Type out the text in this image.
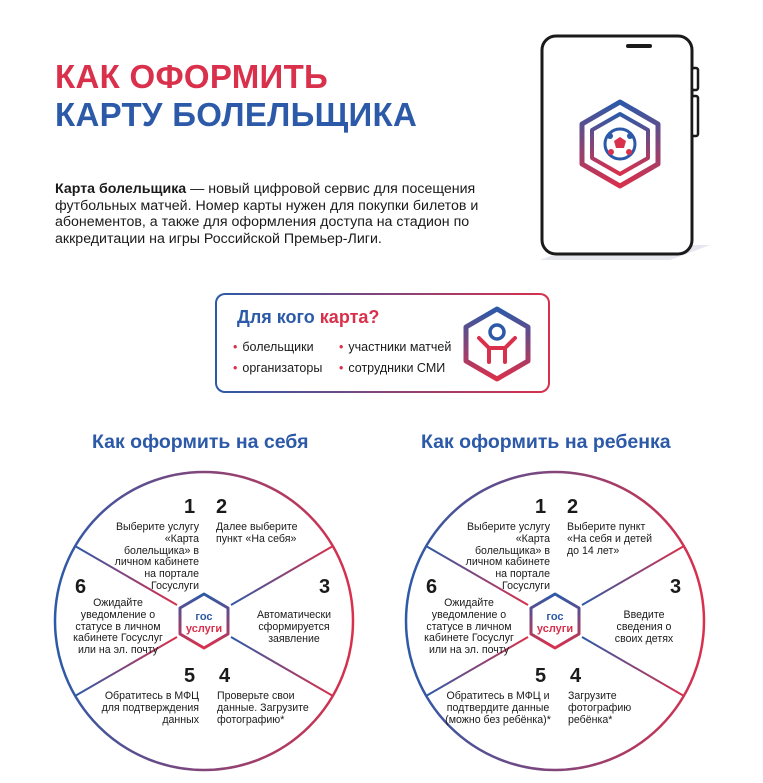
КАК ОФОРМИТЬ
КАРТУ БОЛЕЛЬЩИКА
Карта болельщика — новый цифровой сервис для посещения футбольных матчей. Номер карты нужен для покупки билетов и абонементов, а также для оформления доступа на стадион по аккредитации на игры Российской Премьер-Лиги.
Для кого карта?
• болельщики	• участники матчей
• организаторы	• сотрудники СМИ
Как оформить на себя	Как оформить на ребенка
гос
услуги
1
Выберите услугу «Карта болельщика» в личном кабинете на портале Госуслуги
2
Далее выберите пункт «На себя»
3
Автоматически сформируется заявление
4
Проверьте свои данные. Загрузите фотографию*
5
Обратитесь в МФЦ для подтверждения данных
6
Ожидайте уведомление о статусе в личном кабинете Госуслуг или на эл. почту
гос
услуги
1
Выберите услугу «Карта болельщика» в личном кабинете на портале Госуслуги
2
Выберите пункт «На себя и детей до 14 лет»
3
Введите сведения о своих детях
4
Загрузите фотографию ребёнка*
5
Обратитесь в МФЦ и подтвердите данные (можно без ребёнка)*
6
Ожидайте уведомление о статусе в личном кабинете Госуслуг или на эл. почту
